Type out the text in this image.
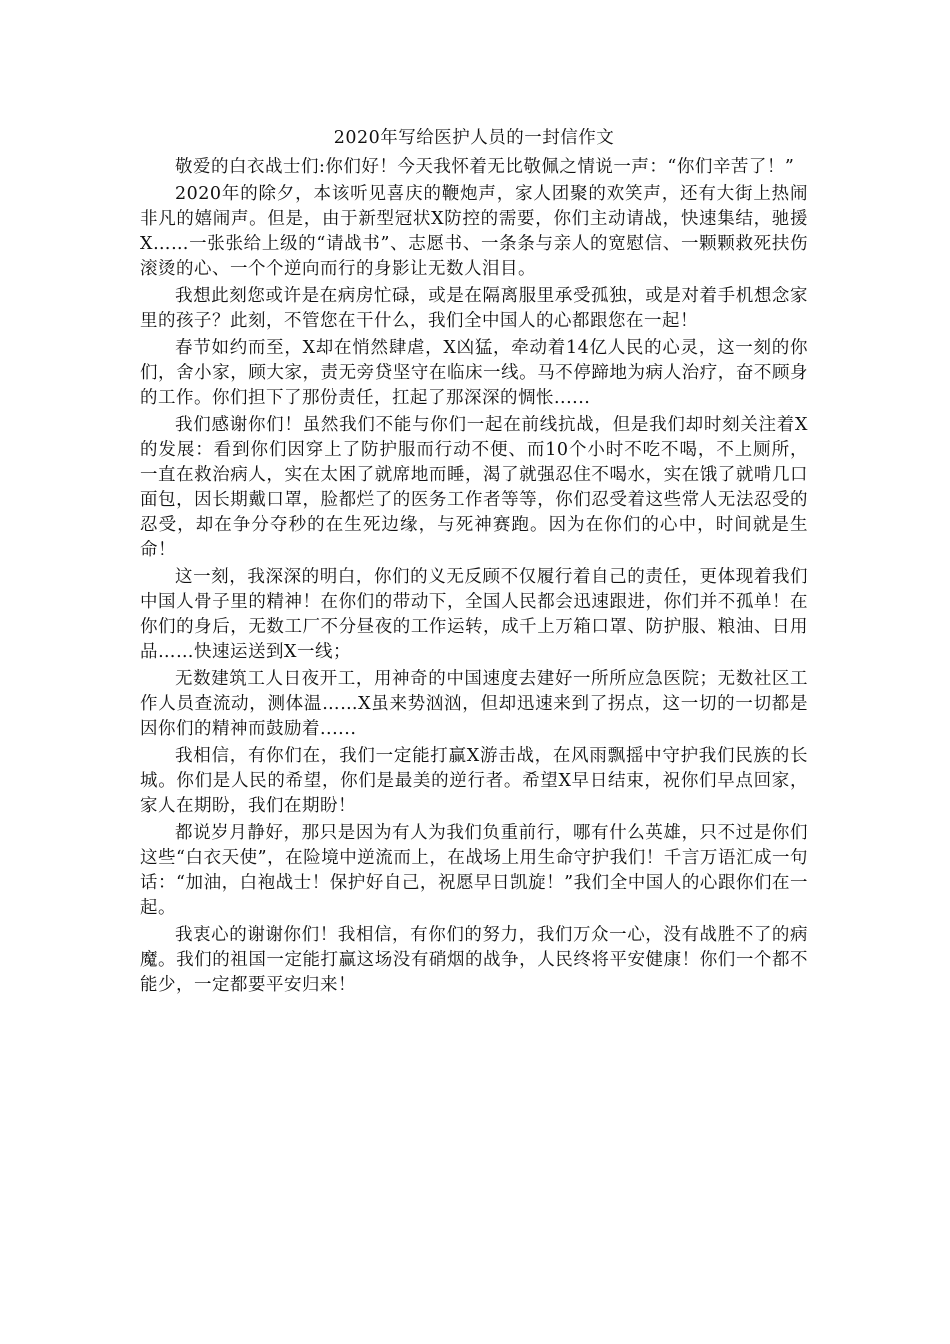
2020年写给医护人员的一封信作文

敬爱的白衣战士们:你们好！今天我怀着无比敬佩之情说一声：“你们辛苦了！”

2020年的除夕，本该听见喜庆的鞭炮声，家人团聚的欢笑声，还有大街上热闹非凡的嬉闹声。但是，由于新型冠状X防控的需要，你们主动请战，快速集结，驰援X……一张张给上级的“请战书”、志愿书、一条条与亲人的宽慰信、一颗颗救死扶伤滚烫的心、一个个逆向而行的身影让无数人泪目。

我想此刻您或许是在病房忙碌，或是在隔离服里承受孤独，或是对着手机想念家里的孩子？此刻，不管您在干什么，我们全中国人的心都跟您在一起！

春节如约而至，X却在悄然肆虐，X凶猛，牵动着14亿人民的心灵，这一刻的你们，舍小家，顾大家，责无旁贷坚守在临床一线。马不停蹄地为病人治疗，奋不顾身的工作。你们担下了那份责任，扛起了那深深的惆怅......

我们感谢你们！虽然我们不能与你们一起在前线抗战，但是我们却时刻关注着X的发展：看到你们因穿上了防护服而行动不便、而10个小时不吃不喝，不上厕所，一直在救治病人，实在太困了就席地而睡，渴了就强忍住不喝水，实在饿了就啃几口面包，因长期戴口罩，脸都烂了的医务工作者等等，你们忍受着这些常人无法忍受的忍受，却在争分夺秒的在生死边缘，与死神赛跑。因为在你们的心中，时间就是生命！

这一刻，我深深的明白，你们的义无反顾不仅履行着自己的责任，更体现着我们中国人骨子里的精神！在你们的带动下，全国人民都会迅速跟进，你们并不孤单！在你们的身后，无数工厂不分昼夜的工作运转，成千上万箱口罩、防护服、粮油、日用品……快速运送到X一线；

无数建筑工人日夜开工，用神奇的中国速度去建好一所所应急医院；无数社区工作人员查流动，测体温……X虽来势汹汹，但却迅速来到了拐点，这一切的一切都是因你们的精神而鼓励着......

我相信，有你们在，我们一定能打赢X游击战，在风雨飘摇中守护我们民族的长城。你们是人民的希望，你们是最美的逆行者。希望X早日结束，祝你们早点回家，家人在期盼，我们在期盼！

都说岁月静好，那只是因为有人为我们负重前行，哪有什么英雄，只不过是你们这些“白衣天使”，在险境中逆流而上，在战场上用生命守护我们！千言万语汇成一句话：“加油，白袍战士！保护好自己，祝愿早日凯旋！”我们全中国人的心跟你们在一起。

我衷心的谢谢你们！我相信，有你们的努力，我们万众一心，没有战胜不了的病魔。我们的祖国一定能打赢这场没有硝烟的战争，人民终将平安健康！你们一个都不能少，一定都要平安归来！
